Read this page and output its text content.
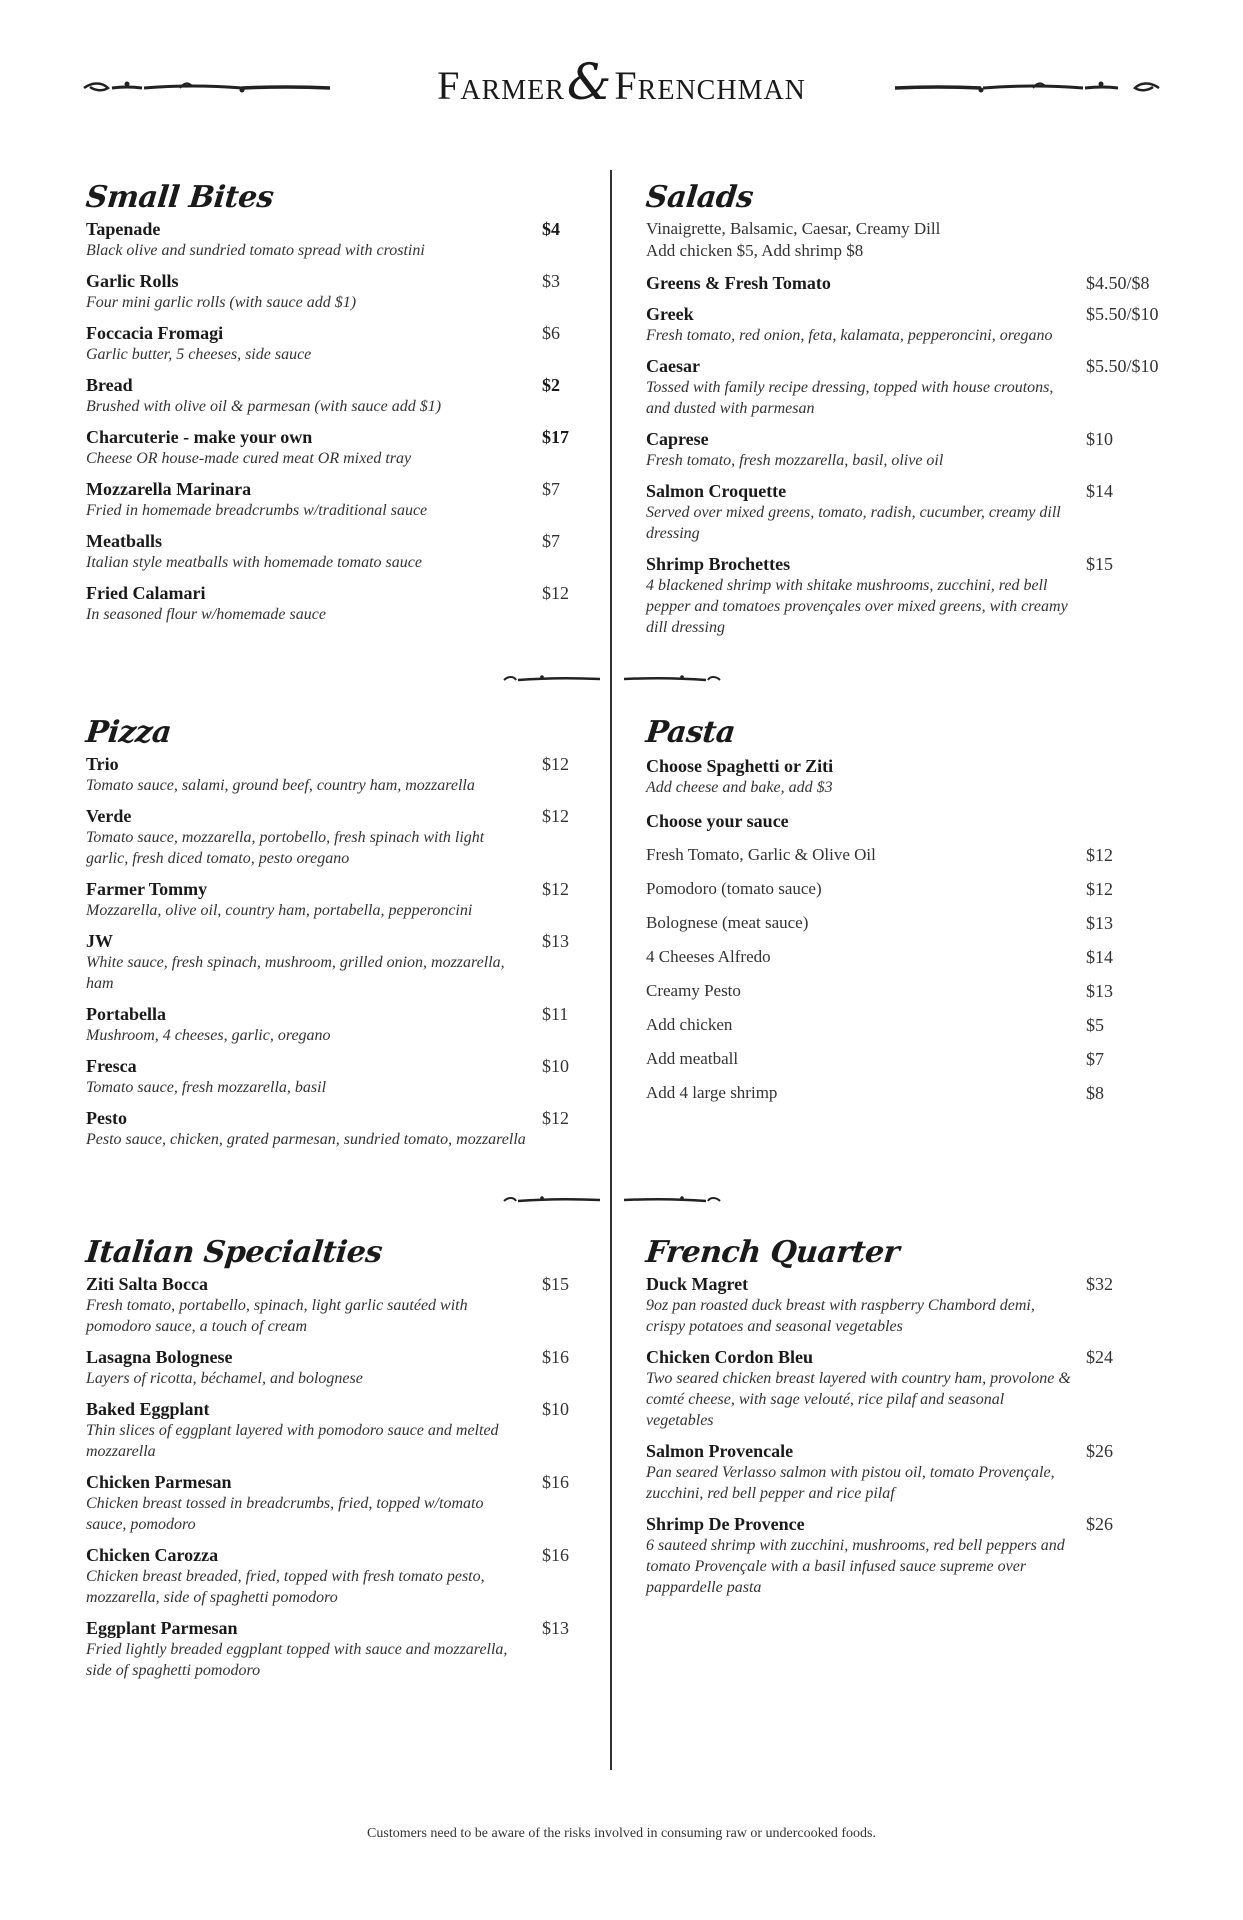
Farmer&Frenchman
Small Bites
Tapenade	$4
Black olive and sundried tomato spread with crostini
Garlic Rolls	$3
Four mini garlic rolls (with sauce add $1)
Foccacia Fromagi	$6
Garlic butter, 5 cheeses, side sauce
Bread	$2
Brushed with olive oil & parmesan (with sauce add $1)
Charcuterie - make your own	$17
Cheese OR house-made cured meat OR mixed tray
Mozzarella Marinara	$7
Fried in homemade breadcrumbs w/traditional sauce
Meatballs	$7
Italian style meatballs with homemade tomato sauce
Fried Calamari	$12
In seasoned flour w/homemade sauce
Salads
Vinaigrette, Balsamic, Caesar, Creamy Dill
Add chicken $5, Add shrimp $8
Greens & Fresh Tomato	$4.50/$8
Greek	$5.50/$10
Fresh tomato, red onion, feta, kalamata, pepperoncini, oregano
Caesar	$5.50/$10
Tossed with family recipe dressing, topped with house croutons, and dusted with parmesan
Caprese	$10
Fresh tomato, fresh mozzarella, basil, olive oil
Salmon Croquette	$14
Served over mixed greens, tomato, radish, cucumber, creamy dill dressing
Shrimp Brochettes	$15
4 blackened shrimp with shitake mushrooms, zucchini, red bell pepper and tomatoes provençales over mixed greens, with creamy dill dressing
Pizza
Trio	$12
Tomato sauce, salami, ground beef, country ham, mozzarella
Verde	$12
Tomato sauce, mozzarella, portobello, fresh spinach with light garlic, fresh diced tomato, pesto oregano
Farmer Tommy	$12
Mozzarella, olive oil, country ham, portabella, pepperoncini
JW	$13
White sauce, fresh spinach, mushroom, grilled onion, mozzarella, ham
Portabella	$11
Mushroom, 4 cheeses, garlic, oregano
Fresca	$10
Tomato sauce, fresh mozzarella, basil
Pesto	$12
Pesto sauce, chicken, grated parmesan, sundried tomato, mozzarella
Pasta
Choose Spaghetti or Ziti
Add cheese and bake, add $3
Choose your sauce
Fresh Tomato, Garlic & Olive Oil	$12
Pomodoro (tomato sauce)	$12
Bolognese (meat sauce)	$13
4 Cheeses Alfredo	$14
Creamy Pesto	$13
Add chicken	$5
Add meatball	$7
Add 4 large shrimp	$8
Italian Specialties
Ziti Salta Bocca	$15
Fresh tomato, portabello, spinach, light garlic sautéed with pomodoro sauce, a touch of cream
Lasagna Bolognese	$16
Layers of ricotta, béchamel, and bolognese
Baked Eggplant	$10
Thin slices of eggplant layered with pomodoro sauce and melted mozzarella
Chicken Parmesan	$16
Chicken breast tossed in breadcrumbs, fried, topped w/tomato sauce, pomodoro
Chicken Carozza	$16
Chicken breast breaded, fried, topped with fresh tomato pesto, mozzarella, side of spaghetti pomodoro
Eggplant Parmesan	$13
Fried lightly breaded eggplant topped with sauce and mozzarella, side of spaghetti pomodoro
French Quarter
Duck Magret	$32
9oz pan roasted duck breast with raspberry Chambord demi, crispy potatoes and seasonal vegetables
Chicken Cordon Bleu	$24
Two seared chicken breast layered with country ham, provolone & comté cheese, with sage velouté, rice pilaf and seasonal vegetables
Salmon Provencale	$26
Pan seared Verlasso salmon with pistou oil, tomato Provençale, zucchini, red bell pepper and rice pilaf
Shrimp De Provence	$26
6 sauteed shrimp with zucchini, mushrooms, red bell peppers and tomato Provençale with a basil infused sauce supreme over pappardelle pasta
Customers need to be aware of the risks involved in consuming raw or undercooked foods.
